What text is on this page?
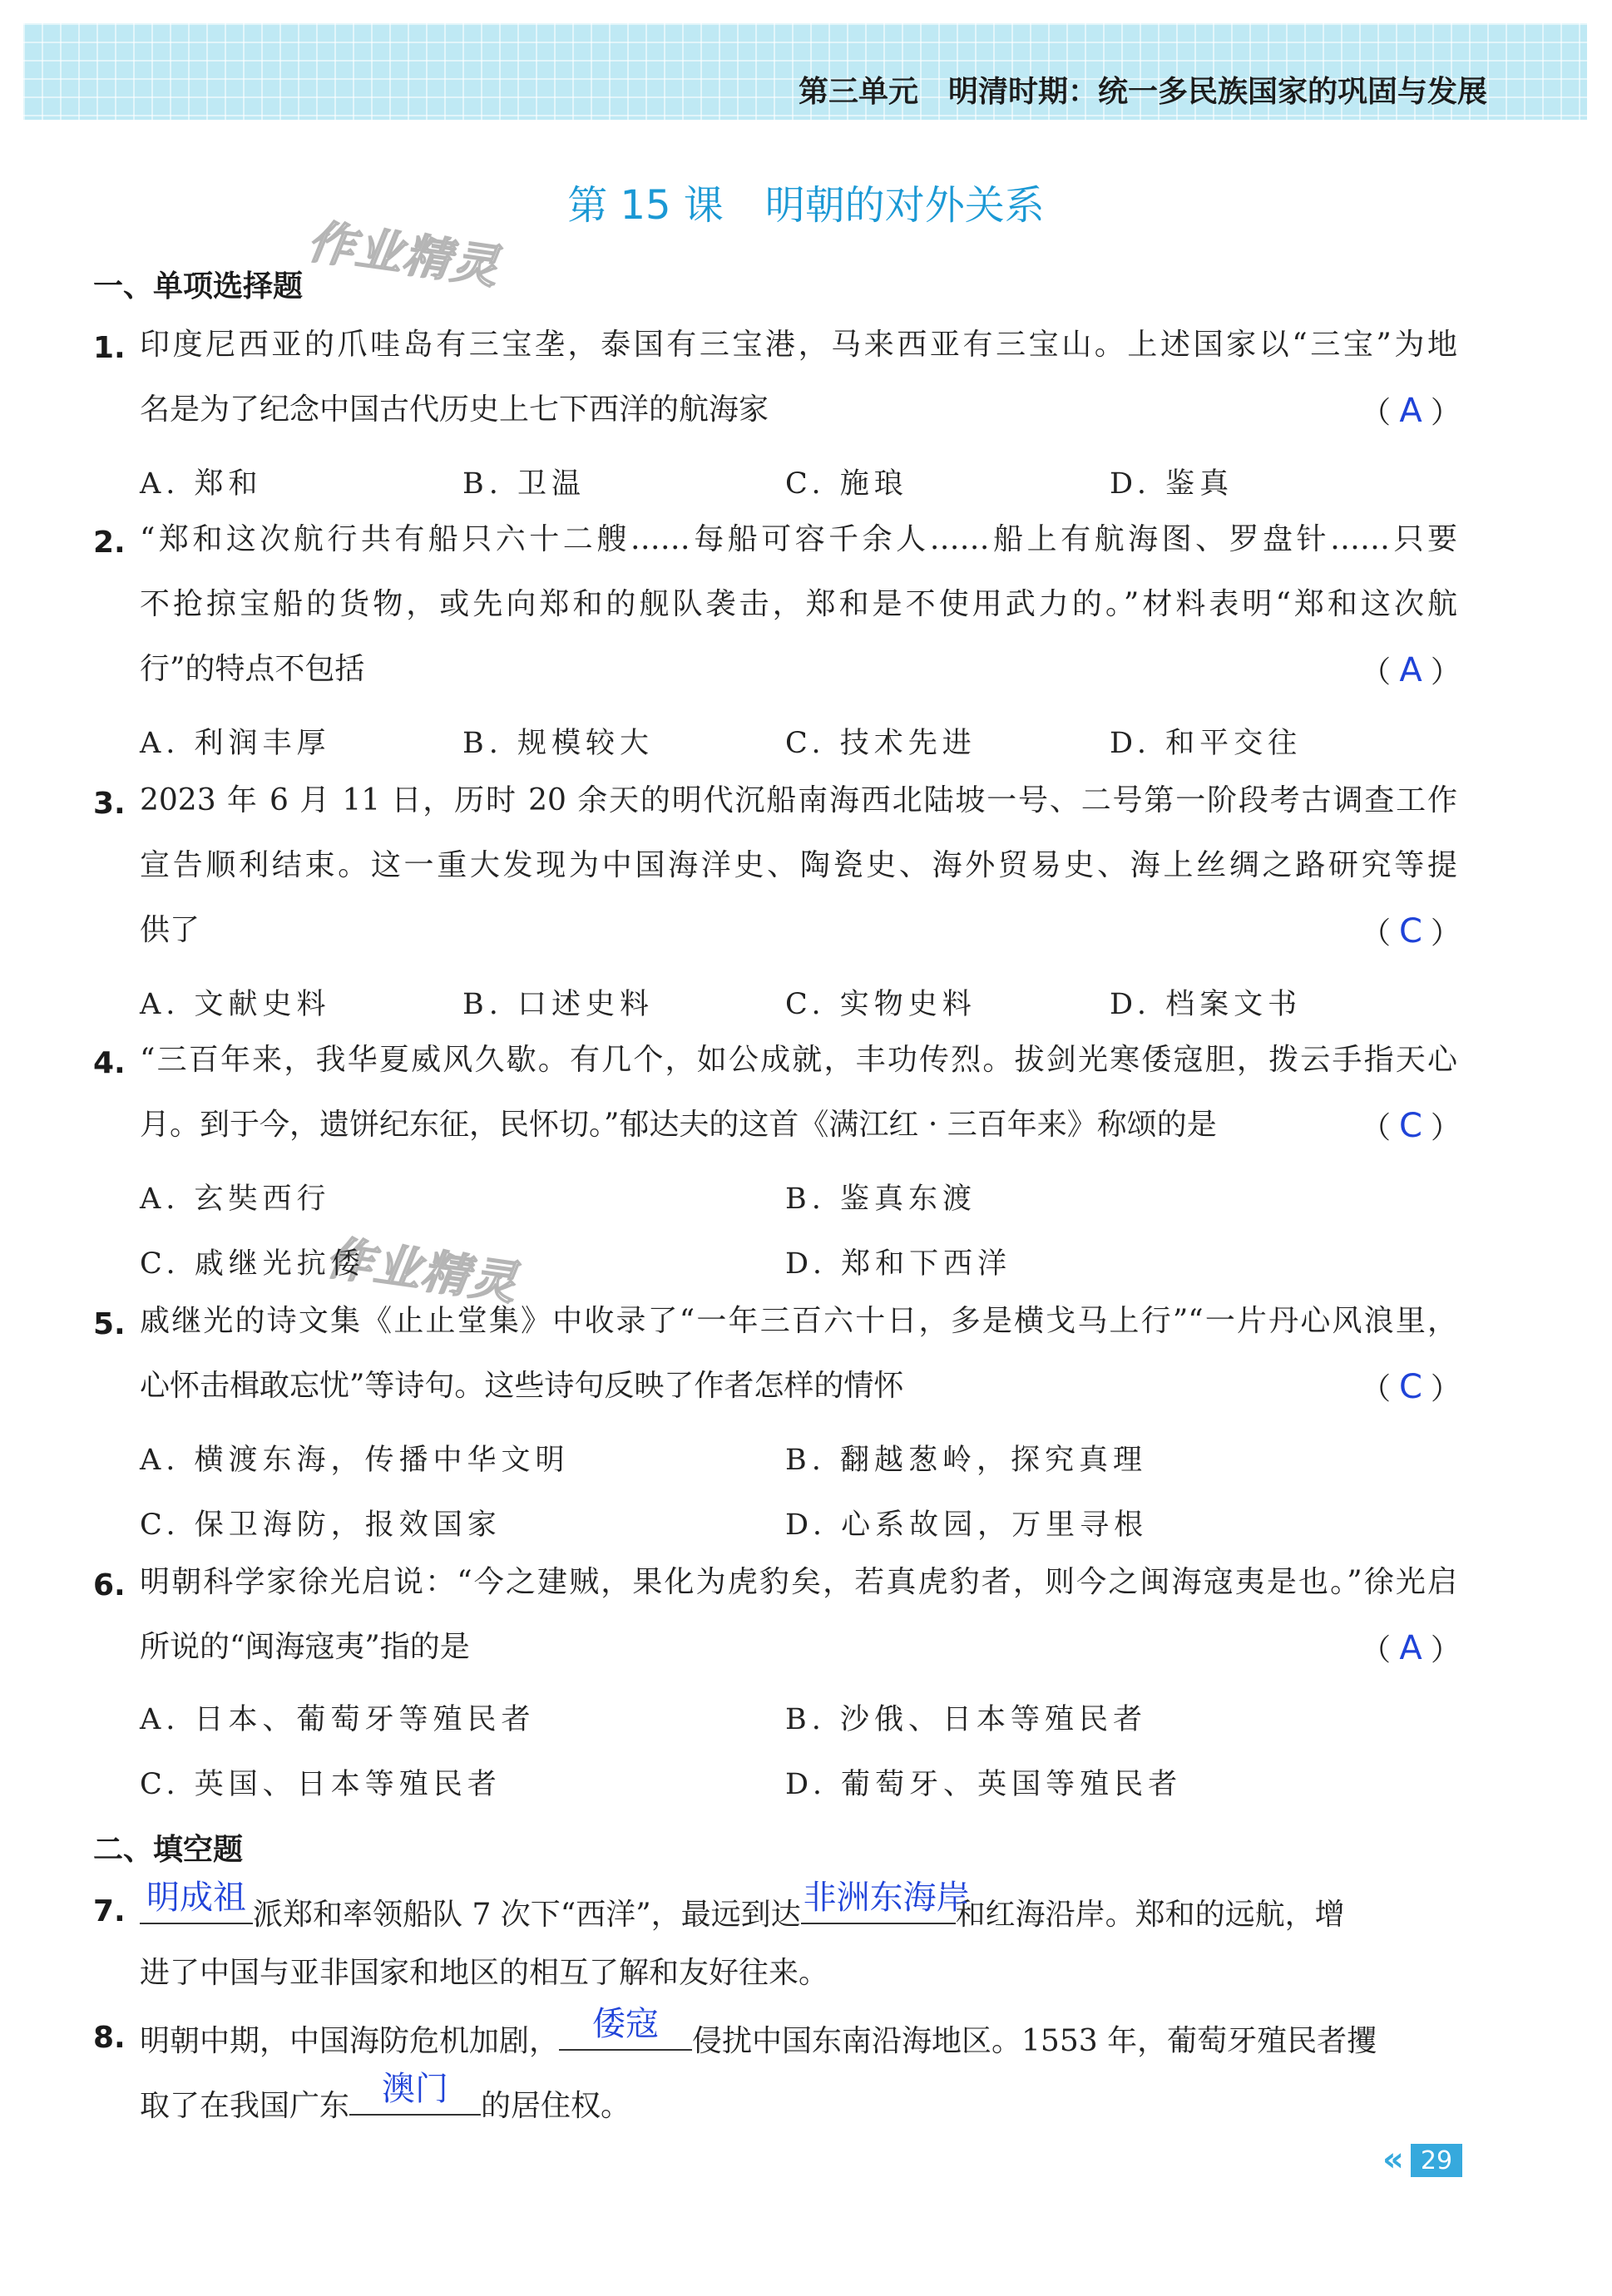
第三单元　明清时期：统一多民族国家的巩固与发展
第 15 课 明朝的对外关系
作业精灵
作业精灵
一、单项选择题
1. 印度尼西亚的爪哇岛有三宝垄，泰国有三宝港，马来西亚有三宝山。上述国家以“三宝”为地
名是为了纪念中国古代历史上七下西洋的航海家	（ A ）
A. 郑和	B. 卫温	C. 施琅	D. 鉴真
2. “郑和这次航行共有船只六十二艘……每船可容千余人……船上有航海图、罗盘针……只要
不抢掠宝船的货物，或先向郑和的舰队袭击，郑和是不使用武力的。”材料表明“郑和这次航
行”的特点不包括	（ A ）
A. 利润丰厚	B. 规模较大	C. 技术先进	D. 和平交往
3. 2023 年 6 月 11 日，历时 20 余天的明代沉船南海西北陆坡一号、二号第一阶段考古调查工作
宣告顺利结束。这一重大发现为中国海洋史、陶瓷史、海外贸易史、海上丝绸之路研究等提
供了	（ C ）
A. 文献史料	B. 口述史料	C. 实物史料	D. 档案文书
4. “三百年来，我华夏威风久歇。有几个，如公成就，丰功传烈。拔剑光寒倭寇胆，拨云手指天心
月。到于今，遗饼纪东征，民怀切。”郁达夫的这首《满江红 · 三百年来》称颂的是	（ C ）
A. 玄奘西行	B. 鉴真东渡
C. 戚继光抗倭	D. 郑和下西洋
5. 戚继光的诗文集《止止堂集》中收录了“一年三百六十日，多是横戈马上行”“一片丹心风浪里，
心怀击楫敢忘忧”等诗句。这些诗句反映了作者怎样的情怀	（ C ）
A. 横渡东海，传播中华文明	B. 翻越葱岭，探究真理
C. 保卫海防，报效国家	D. 心系故园，万里寻根
6. 明朝科学家徐光启说：“今之建贼，果化为虎豹矣，若真虎豹者，则今之闽海寇夷是也。”徐光启
所说的“闽海寇夷”指的是	（ A ）
A. 日本、葡萄牙等殖民者	B. 沙俄、日本等殖民者
C. 英国、日本等殖民者	D. 葡萄牙、英国等殖民者
二、填空题
7. 明成祖 派郑和率领船队 7 次下“西洋”，最远到达 非洲东海岸
和红海沿岸。郑和的远航，增
进了中国与亚非国家和地区的相互了解和友好往来。
8. 明朝中期，中国海防危机加剧，	倭寇	侵扰中国东南沿海地区。1553 年，葡萄牙殖民者攫
取了在我国广东 澳门	的居住权。
« 29
